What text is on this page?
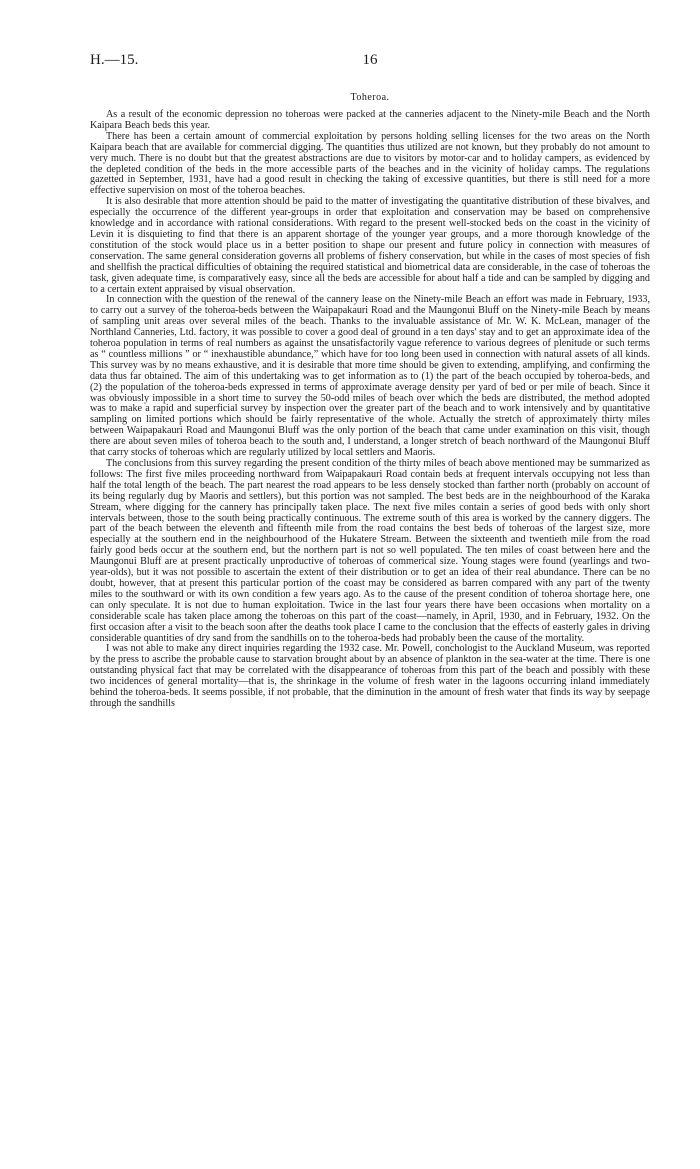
H.—15.	16
Toheroa.

As a result of the economic depression no toheroas were packed at the canneries adjacent to the Ninety-mile Beach and the North Kaipara Beach beds this year.

There has been a certain amount of commercial exploitation by persons holding selling licenses for the two areas on the North Kaipara beach that are available for commercial digging. The quantities thus utilized are not known, but they probably do not amount to very much. There is no doubt but that the greatest abstractions are due to visitors by motor-car and to holiday campers, as evidenced by the depleted condition of the beds in the more accessible parts of the beaches and in the vicinity of holiday camps. The regulations gazetted in September, 1931, have had a good result in checking the taking of excessive quantities, but there is still need for a more effective supervision on most of the toheroa beaches.

It is also desirable that more attention should be paid to the matter of investigating the quantitative distribution of these bivalves, and especially the occurrence of the different year-groups in order that exploitation and conservation may be based on comprehensive knowledge and in accordance with rational considerations. With regard to the present well-stocked beds on the coast in the vicinity of Levin it is disquieting to find that there is an apparent shortage of the younger year groups, and a more thorough knowledge of the constitution of the stock would place us in a better position to shape our present and future policy in connection with measures of conservation. The same general consideration governs all problems of fishery conservation, but while in the cases of most species of fish and shellfish the practical difficulties of obtaining the required statistical and biometrical data are considerable, in the case of toheroas the task, given adequate time, is comparatively easy, since all the beds are accessible for about half a tide and can be sampled by digging and to a certain extent appraised by visual observation.

In connection with the question of the renewal of the cannery lease on the Ninety-mile Beach an effort was made in February, 1933, to carry out a survey of the toheroa-beds between the Waipapakauri Road and the Maungonui Bluff on the Ninety-mile Beach by means of sampling unit areas over several miles of the beach. Thanks to the invaluable assistance of Mr. W. K. McLean, manager of the Northland Canneries, Ltd. factory, it was possible to cover a good deal of ground in a ten days' stay and to get an approximate idea of the toheroa population in terms of real numbers as against the unsatisfactorily vague reference to various degrees of plenitude or such terms as “ countless millions ” or “ inexhaustible abundance,” which have for too long been used in connection with natural assets of all kinds. This survey was by no means exhaustive, and it is desirable that more time should be given to extending, amplifying, and confirming the data thus far obtained. The aim of this undertaking was to get information as to (1) the part of the beach occupied by toheroa-beds, and (2) the population of the toheroa-beds expressed in terms of approximate average density per yard of bed or per mile of beach. Since it was obviously impossible in a short time to survey the 50-odd miles of beach over which the beds are distributed, the method adopted was to make a rapid and superficial survey by inspection over the greater part of the beach and to work intensively and by quantitative sampling on limited portions which should be fairly representative of the whole. Actually the stretch of approximately thirty miles between Waipapakauri Road and Maungonui Bluff was the only portion of the beach that came under examination on this visit, though there are about seven miles of toheroa beach to the south and, I understand, a longer stretch of beach northward of the Maungonui Bluff that carry stocks of toheroas which are regularly utilized by local settlers and Maoris.

The conclusions from this survey regarding the present condition of the thirty miles of beach above mentioned may be summarized as follows: The first five miles proceeding northward from Waipapakauri Road contain beds at frequent intervals occupying not less than half the total length of the beach. The part nearest the road appears to be less densely stocked than farther north (probably on account of its being regularly dug by Maoris and settlers), but this portion was not sampled. The best beds are in the neighbourhood of the Karaka Stream, where digging for the cannery has principally taken place. The next five miles contain a series of good beds with only short intervals between, those to the south being practically continuous. The extreme south of this area is worked by the cannery diggers. The part of the beach between the eleventh and fifteenth mile from the road contains the best beds of toheroas of the largest size, more especially at the southern end in the neighbourhood of the Hukatere Stream. Between the sixteenth and twentieth mile from the road fairly good beds occur at the southern end, but the northern part is not so well populated. The ten miles of coast between here and the Maungonui Bluff are at present practically unproductive of toheroas of commerical size. Young stages were found (yearlings and two-year-olds), but it was not possible to ascertain the extent of their distribution or to get an idea of their real abundance. There can be no doubt, however, that at present this particular portion of the coast may be considered as barren compared with any part of the twenty miles to the southward or with its own condition a few years ago. As to the cause of the present condition of toheroa shortage here, one can only speculate. It is not due to human exploitation. Twice in the last four years there have been occasions when mortality on a considerable scale has taken place among the toheroas on this part of the coast—namely, in April, 1930, and in February, 1932. On the first occasion after a visit to the beach soon after the deaths took place I came to the conclusion that the effects of easterly gales in driving considerable quantities of dry sand from the sandhills on to the toheroa-beds had probably been the cause of the mortality.

I was not able to make any direct inquiries regarding the 1932 case. Mr. Powell, conchologist to the Auckland Museum, was reported by the press to ascribe the probable cause to starvation brought about by an absence of plankton in the sea-water at the time. There is one outstanding physical fact that may be correlated with the disappearance of toheroas from this part of the beach and possibly with these two incidences of general mortality—that is, the shrinkage in the volume of fresh water in the lagoons occurring inland immediately behind the toheroa-beds. It seems possible, if not probable, that the diminution in the amount of fresh water that finds its way by seepage through the sandhills
